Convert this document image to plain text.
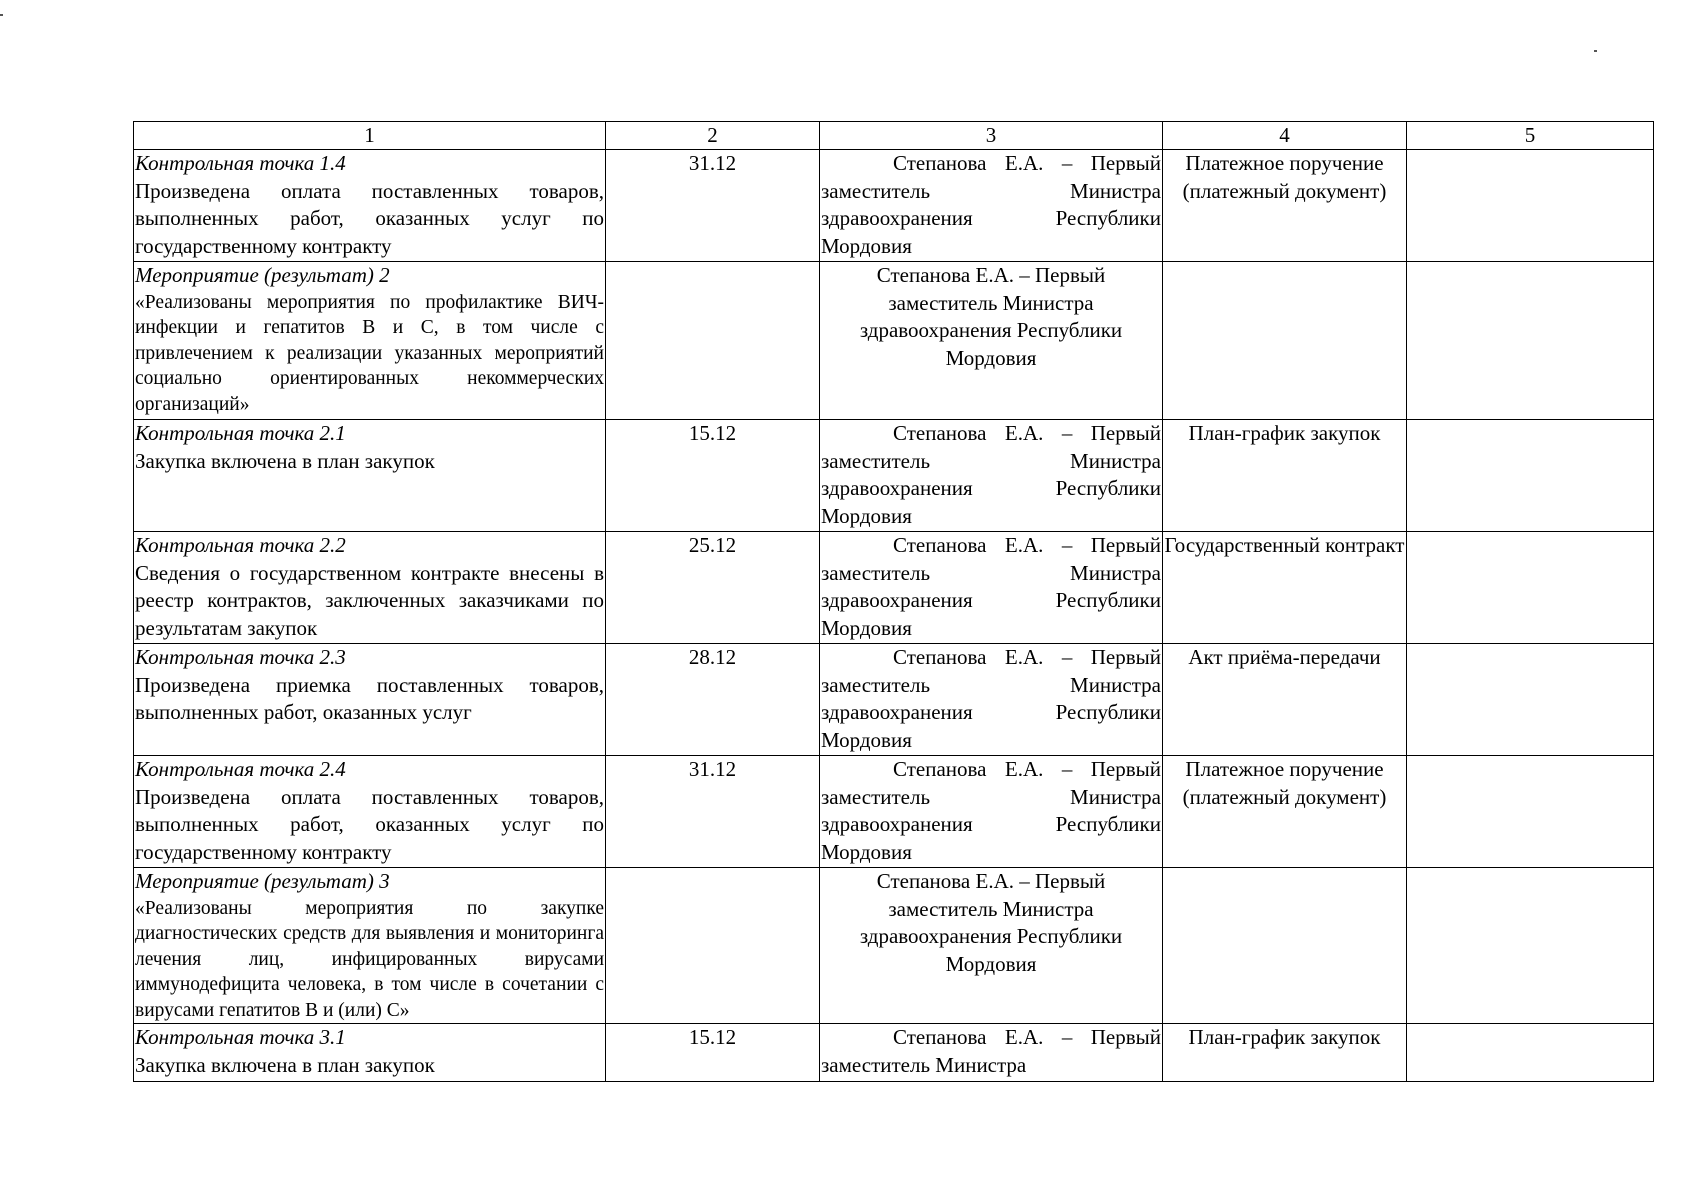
1	2	3	4	5

Контрольная точка 1.4
Произведена оплата поставленных товаров, выполненных работ, оказанных услуг по государственному контракту	31.12	Степанова Е.А. – Первый заместитель Министра здравоохранения Республики Мордовия	Платежное поручение (платежный документ)	

Мероприятие (результат) 2
«Реализованы мероприятия по профилактике ВИЧ-инфекции и гепатитов В и С, в том числе с привлечением к реализации указанных мероприятий социально ориентированных некоммерческих организаций»		Степанова Е.А. – Первый заместитель Министра здравоохранения Республики Мордовия		

Контрольная точка 2.1
Закупка включена в план закупок	15.12	Степанова Е.А. – Первый заместитель Министра здравоохранения Республики Мордовия	План-график закупок	

Контрольная точка 2.2
Сведения о государственном контракте внесены в реестр контрактов, заключенных заказчиками по результатам закупок	25.12	Степанова Е.А. – Первый заместитель Министра здравоохранения Республики Мордовия	Государственный контракт	

Контрольная точка 2.3
Произведена приемка поставленных товаров, выполненных работ, оказанных услуг	28.12	Степанова Е.А. – Первый заместитель Министра здравоохранения Республики Мордовия	Акт приёма-передачи	

Контрольная точка 2.4
Произведена оплата поставленных товаров, выполненных работ, оказанных услуг по государственному контракту	31.12	Степанова Е.А. – Первый заместитель Министра здравоохранения Республики Мордовия	Платежное поручение (платежный документ)	

Мероприятие (результат) 3
«Реализованы мероприятия по закупке диагностических средств для выявления и мониторинга лечения лиц, инфицированных вирусами иммунодефицита человека, в том числе в сочетании с вирусами гепатитов В и (или) С»		Степанова Е.А. – Первый заместитель Министра здравоохранения Республики Мордовия		

Контрольная точка 3.1
Закупка включена в план закупок	15.12	Степанова Е.А. – Первый заместитель Министра	План-график закупок	
